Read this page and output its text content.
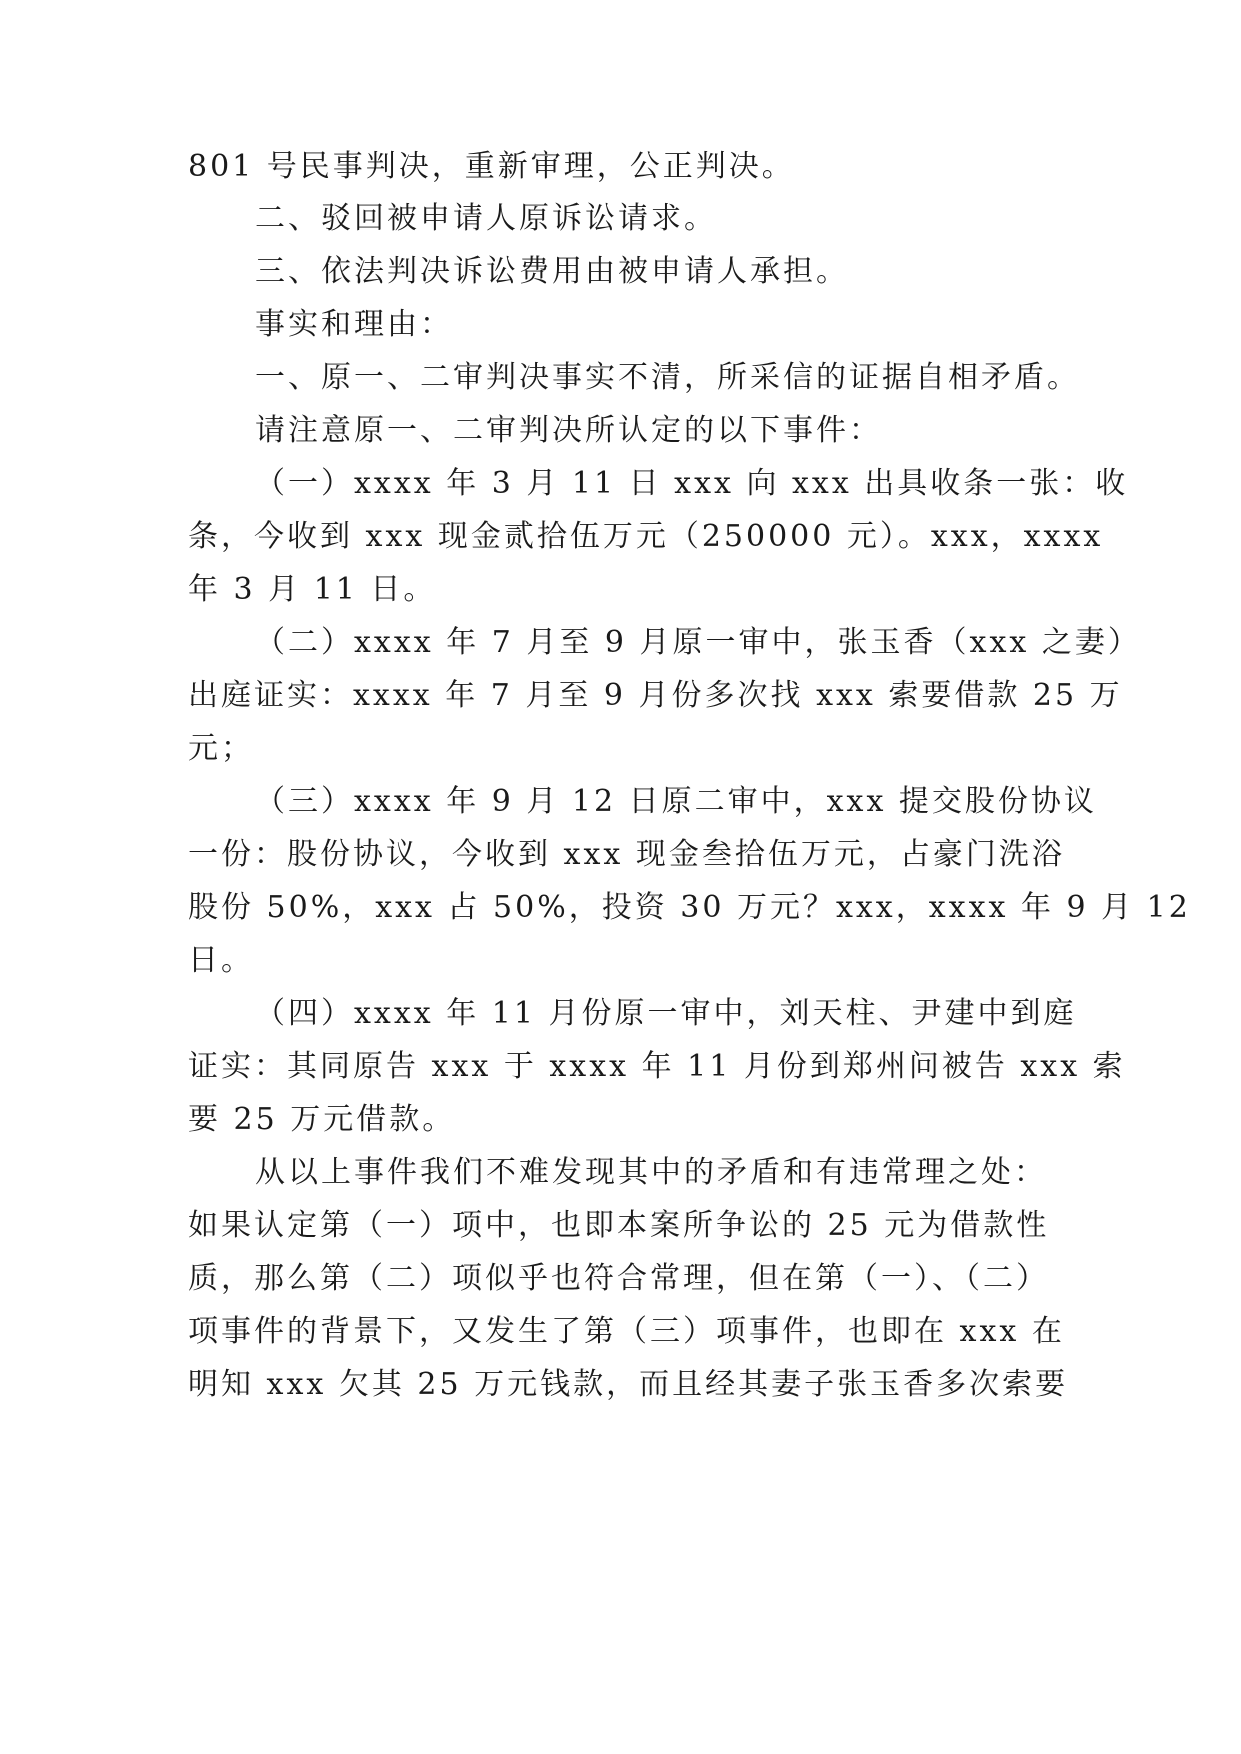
801 号民事判决，重新审理，公正判决。
二、驳回被申请人原诉讼请求。
三、依法判决诉讼费用由被申请人承担。
事实和理由：
一、原一、二审判决事实不清，所采信的证据自相矛盾。
请注意原一、二审判决所认定的以下事件：
（一）xxxx 年 3 月 11 日 xxx 向 xxx 出具收条一张：收
条，今收到 xxx 现金贰拾伍万元（250000 元）。xxx，xxxx
年 3 月 11 日。
（二）xxxx 年 7 月至 9 月原一审中，张玉香（xxx 之妻）
出庭证实：xxxx 年 7 月至 9 月份多次找 xxx 索要借款 25 万
元；
（三）xxxx 年 9 月 12 日原二审中，xxx 提交股份协议
一份：股份协议，今收到 xxx 现金叁拾伍万元，占豪门洗浴
股份 50%，xxx 占 50%，投资 30 万元？xxx，xxxx 年 9 月 12
日。
（四）xxxx 年 11 月份原一审中，刘天柱、尹建中到庭
证实：其同原告 xxx 于 xxxx 年 11 月份到郑州问被告 xxx 索
要 25 万元借款。
从以上事件我们不难发现其中的矛盾和有违常理之处：
如果认定第（一）项中，也即本案所争讼的 25 元为借款性
质，那么第（二）项似乎也符合常理，但在第（一）、（二）
项事件的背景下，又发生了第（三）项事件，也即在 xxx 在
明知 xxx 欠其 25 万元钱款，而且经其妻子张玉香多次索要
